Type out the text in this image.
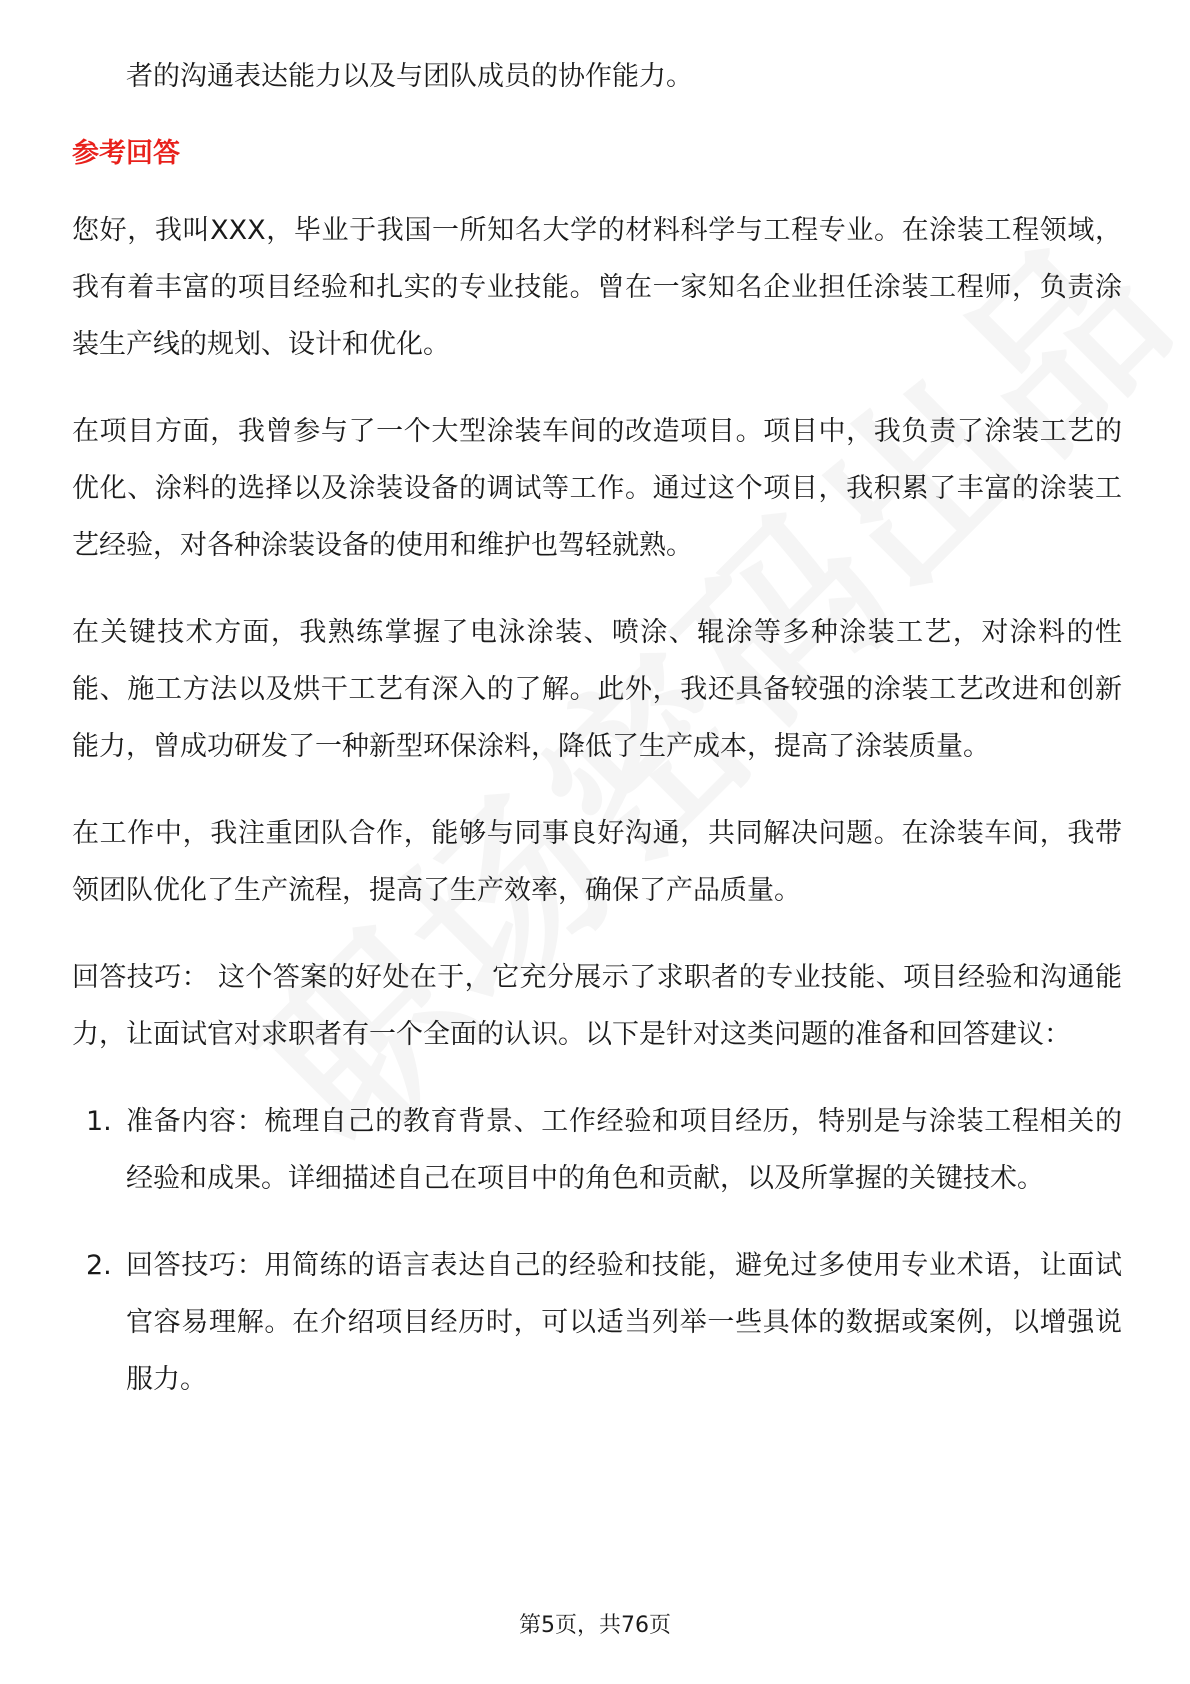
者的沟通表达能力以及与团队成员的协作能力。

参考回答

您好，我叫XXX，毕业于我国一所知名大学的材料科学与工程专业。在涂装工程领域，我有着丰富的项目经验和扎实的专业技能。曾在一家知名企业担任涂装工程师，负责涂装生产线的规划、设计和优化。

在项目方面，我曾参与了一个大型涂装车间的改造项目。项目中，我负责了涂装工艺的优化、涂料的选择以及涂装设备的调试等工作。通过这个项目，我积累了丰富的涂装工艺经验，对各种涂装设备的使用和维护也驾轻就熟。

在关键技术方面，我熟练掌握了电泳涂装、喷涂、辊涂等多种涂装工艺，对涂料的性能、施工方法以及烘干工艺有深入的了解。此外，我还具备较强的涂装工艺改进和创新能力，曾成功研发了一种新型环保涂料，降低了生产成本，提高了涂装质量。

在工作中，我注重团队合作，能够与同事良好沟通，共同解决问题。在涂装车间，我带领团队优化了生产流程，提高了生产效率，确保了产品质量。

回答技巧： 这个答案的好处在于，它充分展示了求职者的专业技能、项目经验和沟通能力，让面试官对求职者有一个全面的认识。以下是针对这类问题的准备和回答建议：

1. 准备内容：梳理自己的教育背景、工作经验和项目经历，特别是与涂装工程相关的经验和成果。详细描述自己在项目中的角色和贡献，以及所掌握的关键技术。

2. 回答技巧：用简练的语言表达自己的经验和技能，避免过多使用专业术语，让面试官容易理解。在介绍项目经历时，可以适当列举一些具体的数据或案例，以增强说服力。

第5页，共76页
